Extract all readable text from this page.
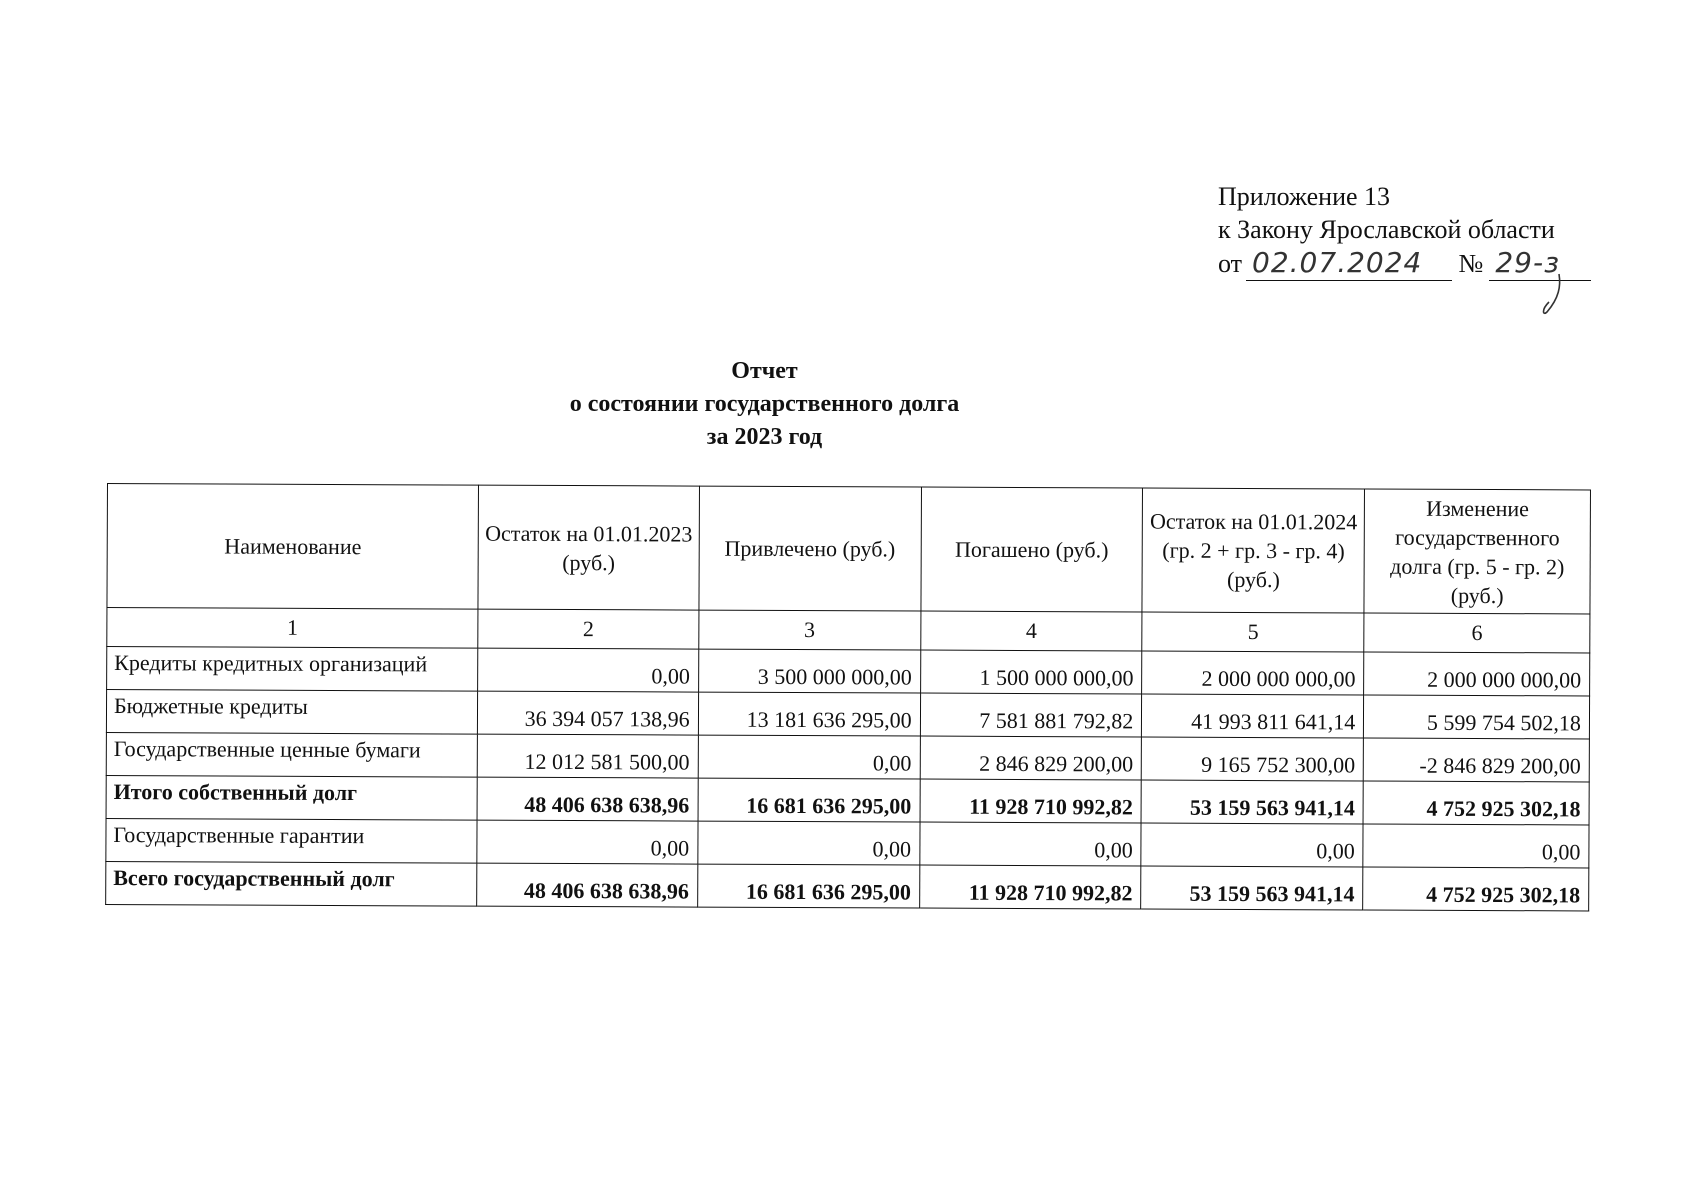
Приложение 13
к Закону Ярославской области
от 02.07.2024 № 29-з
Отчет
о состоянии государственного долга
за 2023 год
Наименование	Остаток на 01.01.2023 (руб.)	Привлечено (руб.)	Погашено (руб.)	Остаток на 01.01.2024 (гр. 2 + гр. 3 - гр. 4) (руб.)	Изменение государственного долга (гр. 5 - гр. 2) (руб.)
1	2	3	4	5	6
Кредиты кредитных организаций	0,00	3 500 000 000,00	1 500 000 000,00	2 000 000 000,00	2 000 000 000,00
Бюджетные кредиты	36 394 057 138,96	13 181 636 295,00	7 581 881 792,82	41 993 811 641,14	5 599 754 502,18
Государственные ценные бумаги	12 012 581 500,00	0,00	2 846 829 200,00	9 165 752 300,00	-2 846 829 200,00
Итого собственный долг	48 406 638 638,96	16 681 636 295,00	11 928 710 992,82	53 159 563 941,14	4 752 925 302,18
Государственные гарантии	0,00	0,00	0,00	0,00	0,00
Всего государственный долг	48 406 638 638,96	16 681 636 295,00	11 928 710 992,82	53 159 563 941,14	4 752 925 302,18
